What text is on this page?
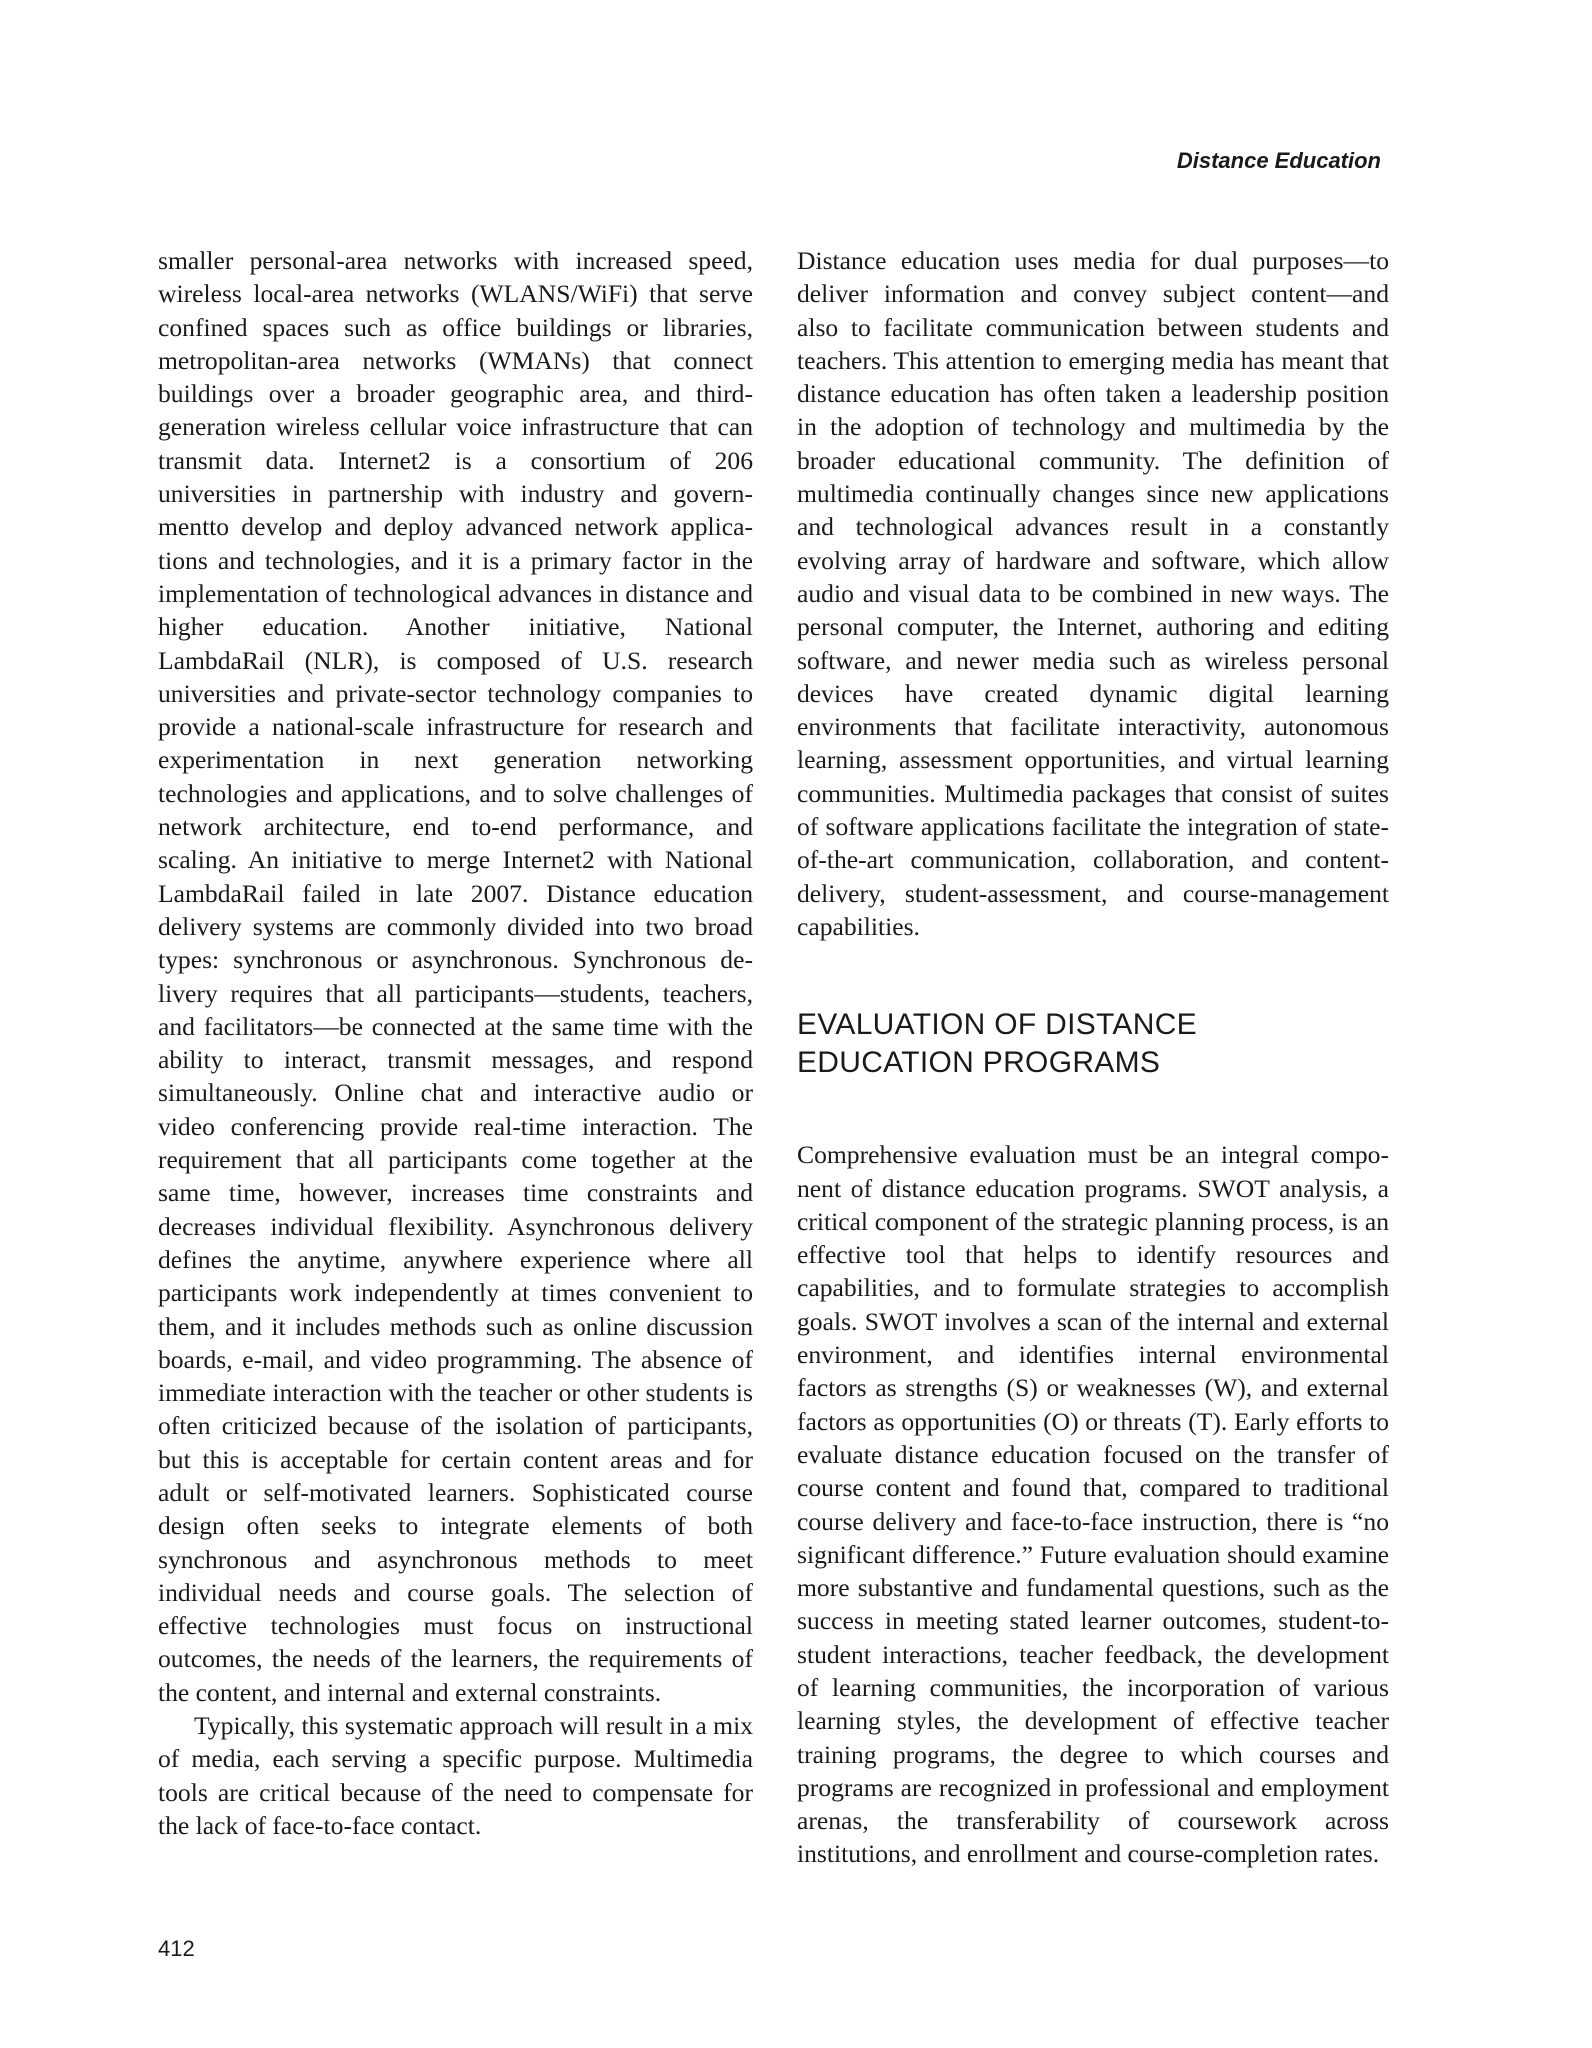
Distance Education

smaller personal-area networks with increased speed, wireless local-area networks (WLANS/WiFi) that serve confined spaces such as office buildings or libraries, metropolitan-area networks (WMANs) that connect buildings over a broader geographic area, and third-generation wireless cellular voice infrastructure that can transmit data. Internet2 is a consortium of 206 universities in partnership with industry and governmentto develop and deploy advanced network applications and technologies, and it is a primary factor in the implementation of technological advances in distance and higher education. Another initiative, National LambdaRail (NLR), is composed of U.S. research universities and private-sector technology companies to provide a national-scale infrastructure for research and experimentation in next generation networking technologies and applications, and to solve challenges of network architecture, end to-end performance, and scaling. An initiative to merge Internet2 with National LambdaRail failed in late 2007. Distance education delivery systems are commonly divided into two broad types: synchronous or asynchronous. Synchronous delivery requires that all participants—students, teachers, and facilitators—be connected at the same time with the ability to interact, transmit messages, and respond simultaneously. Online chat and interactive audio or video conferencing provide real-time interaction. The requirement that all participants come together at the same time, however, increases time constraints and decreases individual flexibility. Asynchronous delivery defines the anytime, anywhere experience where all participants work independently at times convenient to them, and it includes methods such as online discussion boards, e-mail, and video programming. The absence of immediate interaction with the teacher or other students is often criticized because of the isolation of participants, but this is acceptable for certain content areas and for adult or self-motivated learners. Sophisticated course design often seeks to integrate elements of both synchronous and asynchronous methods to meet individual needs and course goals. The selection of effective technologies must focus on instructional outcomes, the needs of the learners, the requirements of the content, and internal and external constraints.

Typically, this systematic approach will result in a mix of media, each serving a specific purpose. Multimedia tools are critical because of the need to compensate for the lack of face-to-face contact.

Distance education uses media for dual purposes—to deliver information and convey subject content—and also to facilitate communication between students and teachers. This attention to emerging media has meant that distance education has often taken a leadership position in the adoption of technology and multimedia by the broader educational community. The definition of multimedia continually changes since new applications and technological advances result in a constantly evolving array of hardware and software, which allow audio and visual data to be combined in new ways. The personal computer, the Internet, authoring and editing software, and newer media such as wireless personal devices have created dynamic digital learning environments that facilitate interactivity, autonomous learning, assessment opportunities, and virtual learning communities. Multimedia packages that consist of suites of software applications facilitate the integration of state-of-the-art communication, collaboration, and content-delivery, student-assessment, and course-management capabilities.

EVALUATION OF DISTANCE
EDUCATION PROGRAMS

Comprehensive evaluation must be an integral component of distance education programs. SWOT analysis, a critical component of the strategic planning process, is an effective tool that helps to identify resources and capabilities, and to formulate strategies to accomplish goals. SWOT involves a scan of the internal and external environment, and identifies internal environmental factors as strengths (S) or weaknesses (W), and external factors as opportunities (O) or threats (T). Early efforts to evaluate distance education focused on the transfer of course content and found that, compared to traditional course delivery and face-to-face instruction, there is “no significant difference.” Future evaluation should examine more substantive and fundamental questions, such as the success in meeting stated learner outcomes, student-to-student interactions, teacher feedback, the development of learning communities, the incorporation of various learning styles, the development of effective teacher training programs, the degree to which courses and programs are recognized in professional and employment arenas, the transferability of coursework across institutions, and enrollment and course-completion rates.

412
